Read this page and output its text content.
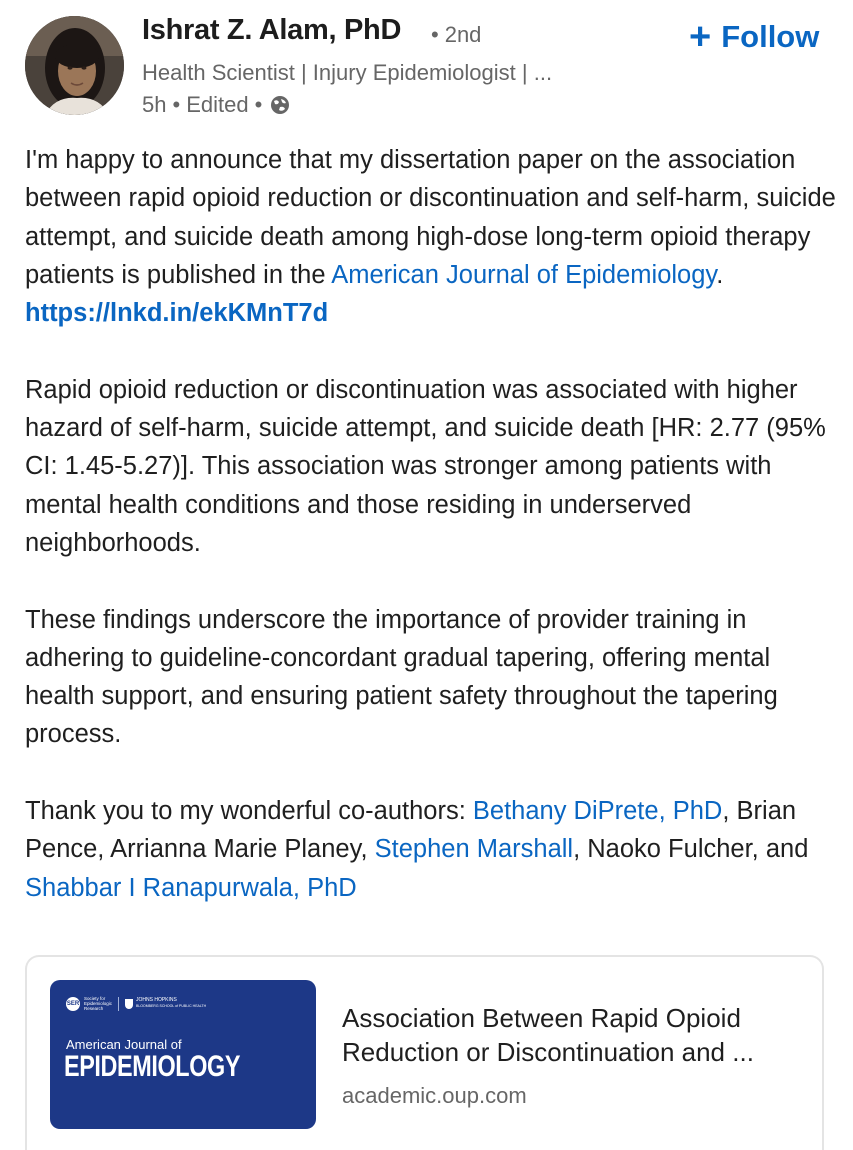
Ishrat Z. Alam, PhD • 2nd
Health Scientist | Injury Epidemiologist | ...
5h • Edited •
+ Follow

I'm happy to announce that my dissertation paper on the association between rapid opioid reduction or discontinuation and self-harm, suicide attempt, and suicide death among high-dose long-term opioid therapy patients is published in the American Journal of Epidemiology.
https://lnkd.in/ekKMnT7d

Rapid opioid reduction or discontinuation was associated with higher hazard of self-harm, suicide attempt, and suicide death [HR: 2.77 (95% CI: 1.45-5.27)]. This association was stronger among patients with mental health conditions and those residing in underserved neighborhoods.

These findings underscore the importance of provider training in adhering to guideline-concordant gradual tapering, offering mental health support, and ensuring patient safety throughout the tapering process.

Thank you to my wonderful co-authors: Bethany DiPrete, PhD, Brian Pence, Arrianna Marie Planey, Stephen Marshall, Naoko Fulcher, and Shabbar I Ranapurwala, PhD

SER
Society for Epidemiologic Research
JOHNS HOPKINS
BLOOMBERG SCHOOL of PUBLIC HEALTH
American Journal of
EPIDEMIOLOGY
Association Between Rapid Opioid
Reduction or Discontinuation and ...
academic.oup.com
